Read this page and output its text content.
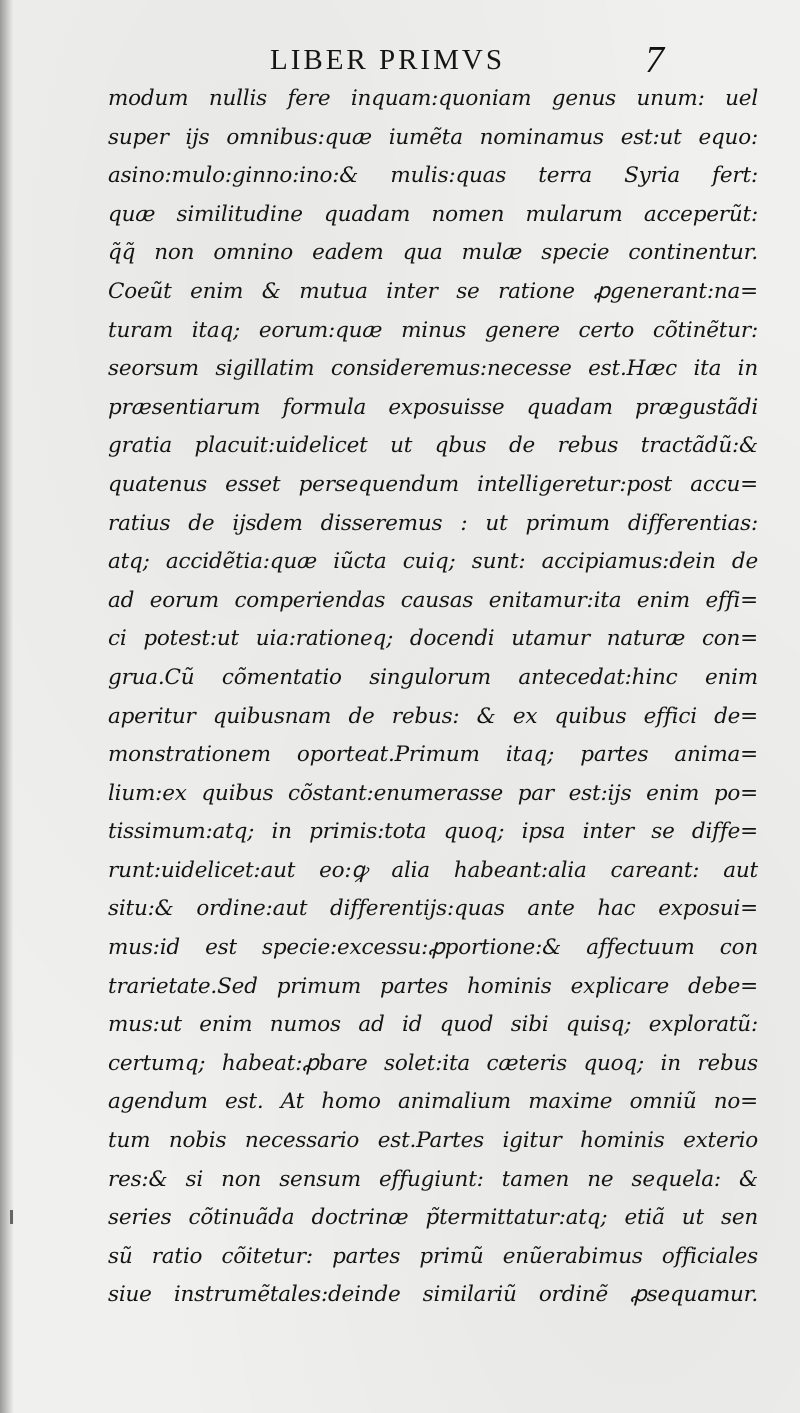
LIBER PRIMVS	7
modum nullis fere inquam:quoniam genus unum: uel
super ijs omnibus:quæ iumẽta nominamus est:ut equo:
asino:mulo:ginno:ino:& mulis:quas terra Syria fert:
quæ similitudine quadam nomen mularum acceperũt:
q̃q̃ non omnino eadem qua mulæ specie continentur.
Coeũt enim & mutua inter se ratione ꝓgenerant:na=
turam itaq; eorum:quæ minus genere certo cõtinẽtur:
seorsum sigillatim consideremus:necesse est.Hæc ita in
præsentiarum formula exposuisse quadam prægustãdi
gratia placuit:uidelicet ut qbus de rebus tractãdũ:&
quatenus esset persequendum intelligeretur:post accu=
ratius de ijsdem disseremus : ut primum differentias:
atq; accidẽtia:quæ iũcta cuiq; sunt: accipiamus:dein de
ad eorum comperiendas causas enitamur:ita enim effi=
ci potest:ut uia:rationeq; docendi utamur naturæ con=
grua.Cũ cõmentatio singulorum antecedat:hinc enim
aperitur quibusnam de rebus: & ex quibus effici de=
monstrationem oporteat.Primum itaq; partes anima=
lium:ex quibus cõstant:enumerasse par est:ijs enim po=
tissimum:atq; in primis:tota quoq; ipsa inter se diffe=
runt:uidelicet:aut eo:ꝙ alia habeant:alia careant: aut
situ:& ordine:aut differentijs:quas ante hac exposui=
mus:id est specie:excessu:ꝓportione:& affectuum con
trarietate.Sed primum partes hominis explicare debe=
mus:ut enim numos ad id quod sibi quisq; exploratũ:
certumq; habeat:ꝓbare solet:ita cæteris quoq; in rebus
agendum est. At homo animalium maxime omniũ no=
tum nobis necessario est.Partes igitur hominis exterio
res:& si non sensum effugiunt: tamen ne sequela: &
series cõtinuãda doctrinæ p̃termittatur:atq; etiã ut sen
sũ ratio cõitetur: partes primũ enũerabimus officiales
siue instrumẽtales:deinde similariũ ordinẽ ꝓsequamur.
